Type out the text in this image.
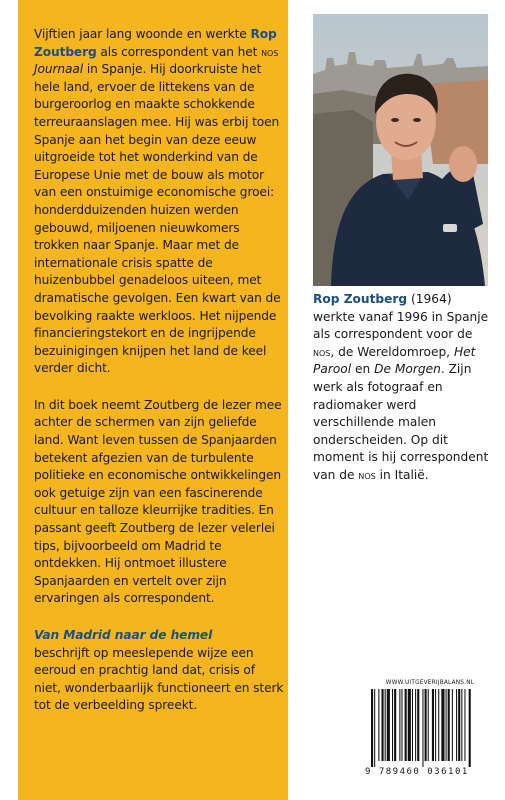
Vijftien jaar lang woonde en werkte Rop Zoutberg als correspondent van het nos Journaal in Spanje. Hij doorkruiste het hele land, ervoer de littekens van de burgeroorlog en maakte schokkende terreuraanslagen mee. Hij was erbij toen Spanje aan het begin van deze eeuw uitgroeide tot het wonderkind van de Europese Unie met de bouw als motor van een onstuimige economische groei: honderdduizenden huizen werden gebouwd, miljoenen nieuwkomers trokken naar Spanje. Maar met de internationale crisis spatte de huizenbubbel genadeloos uiteen, met dramatische gevolgen. Een kwart van de bevolking raakte werkloos. Het nijpende financieringstekort en de ingrijpende bezuinigingen knijpen het land de keel verder dicht.

In dit boek neemt Zoutberg de lezer mee achter de schermen van zijn geliefde land. Want leven tussen de Spanjaarden betekent afgezien van de turbulente politieke en economische ontwikkelingen ook getuige zijn van een fascinerende cultuur en talloze kleurrijke tradities. En passant geeft Zoutberg de lezer velerlei tips, bijvoorbeeld om Madrid te ontdekken. Hij ontmoet illustere Spanjaarden en vertelt over zijn ervaringen als correspondent.

Van Madrid naar de hemel

beschrijft op meeslepende wijze een eeroud en prachtig land dat, crisis of niet, wonderbaarlijk functioneert en sterk tot de verbeelding spreekt.

Rop Zoutberg (1964) werkte vanaf 1996 in Spanje als correspondent voor de nos, de Wereldomroep, Het Parool en De Morgen. Zijn werk als fotograaf en radiomaker werd verschillende malen onderscheiden. Op dit moment is hij correspondent van de nos in Italië.

WWW.UITGEVERIJBALANS.NL
9 789460 036101
